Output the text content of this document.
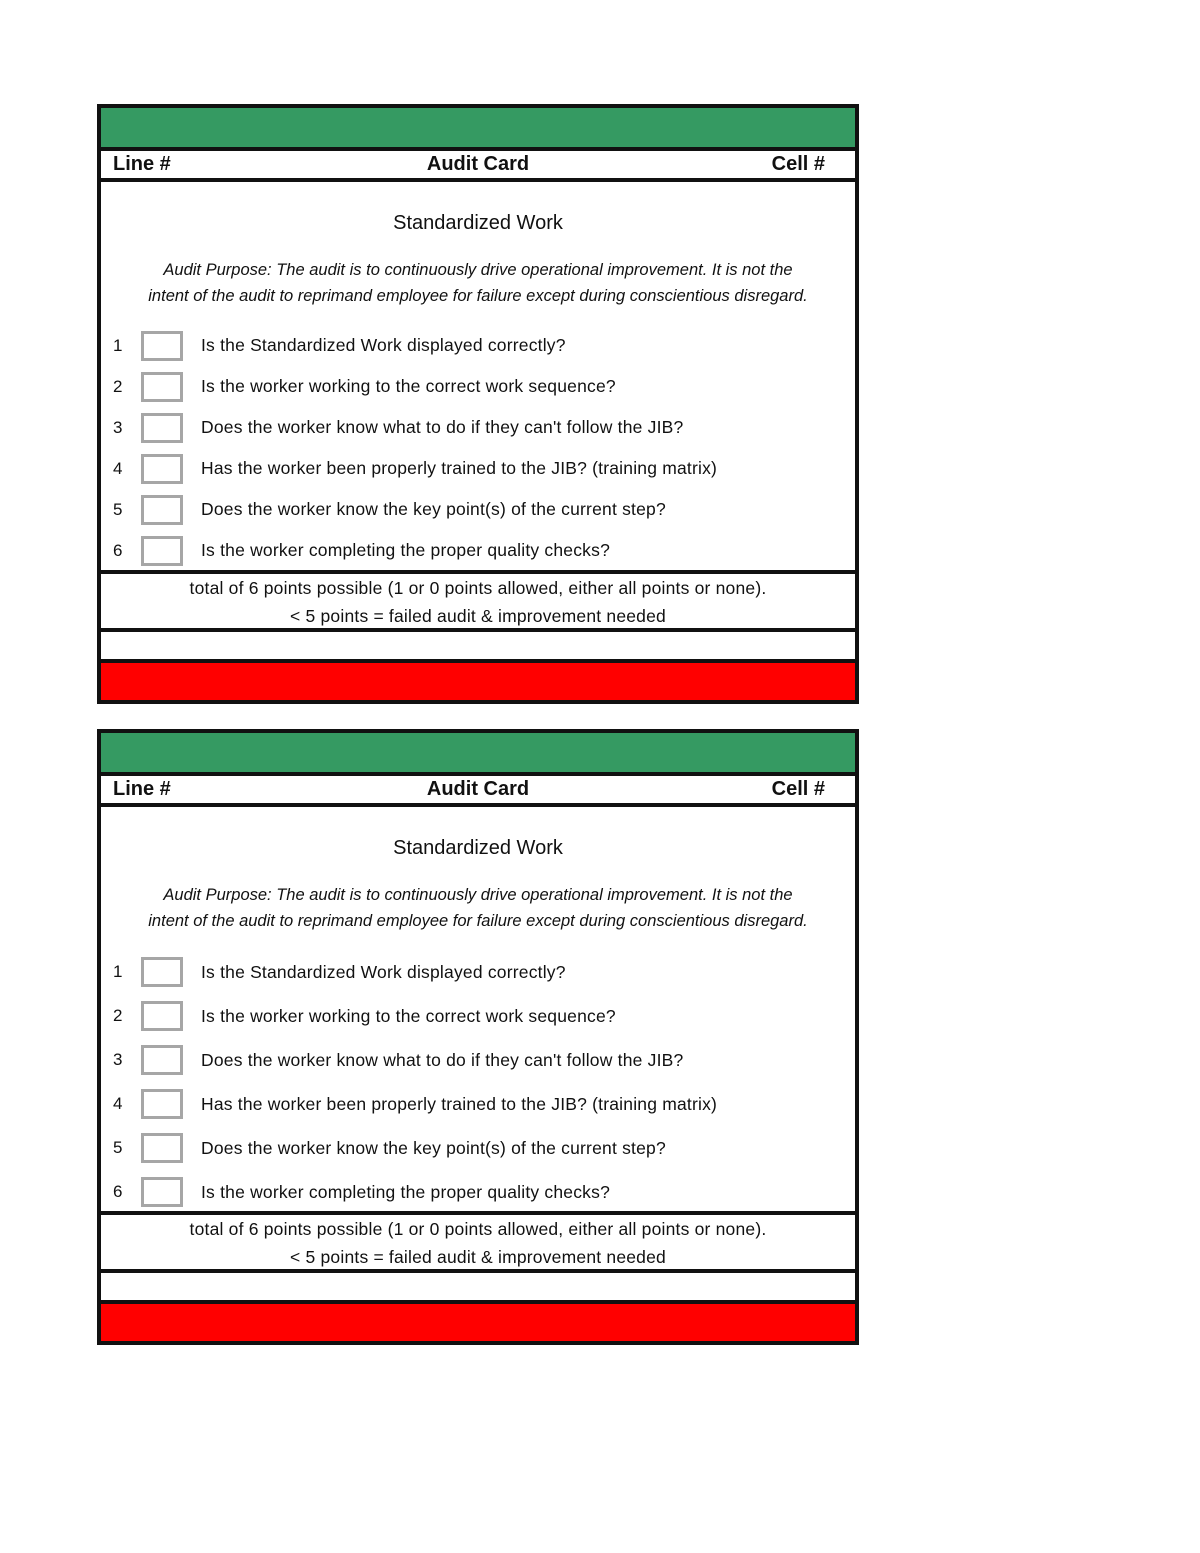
Line #	Audit Card	Cell #
Standardized Work
Audit Purpose: The audit is to continuously drive operational improvement. It is not the
intent of the audit to reprimand employee for failure except during conscientious disregard.
1	Is the Standardized Work displayed correctly?
2	Is the worker working to the correct work sequence?
3	Does the worker know what to do if they can't follow the JIB?
4	Has the worker been properly trained to the JIB? (training matrix)
5	Does the worker know the key point(s) of the current step?
6	Is the worker completing the proper quality checks?
total of 6 points possible (1 or 0 points allowed, either all points or none).
< 5 points = failed audit & improvement needed
Line #	Audit Card	Cell #
Standardized Work
Audit Purpose: The audit is to continuously drive operational improvement. It is not the
intent of the audit to reprimand employee for failure except during conscientious disregard.
1	Is the Standardized Work displayed correctly?
2	Is the worker working to the correct work sequence?
3	Does the worker know what to do if they can't follow the JIB?
4	Has the worker been properly trained to the JIB? (training matrix)
5	Does the worker know the key point(s) of the current step?
6	Is the worker completing the proper quality checks?
total of 6 points possible (1 or 0 points allowed, either all points or none).
< 5 points = failed audit & improvement needed
